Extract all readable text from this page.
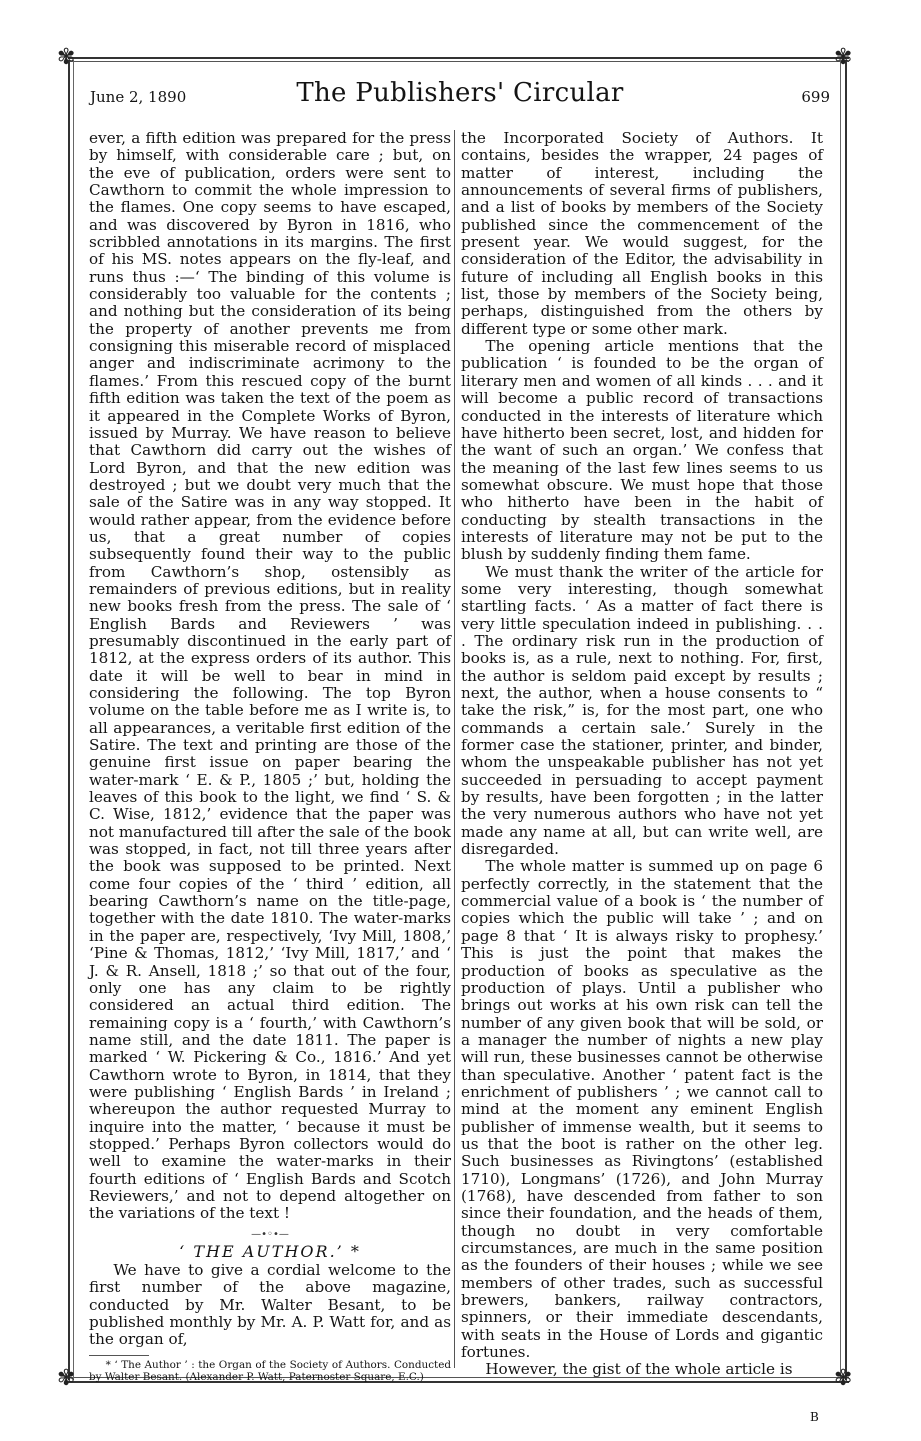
✾	✾
✾	✾
June 2, 1890	The Publishers' Circular	699

ever, a fifth edition was prepared for the press by himself, with considerable care ; but, on the eve of publication, orders were sent to Cawthorn to commit the whole impression to the flames. One copy seems to have escaped, and was discovered by Byron in 1816, who scribbled annotations in its margins. The first of his MS. notes appears on the fly-leaf, and runs thus :—‘ The binding of this volume is considerably too valuable for the contents ; and nothing but the consideration of its being the property of another prevents me from consigning this miserable record of misplaced anger and indiscriminate acrimony to the flames.’ From this rescued copy of the burnt fifth edition was taken the text of the poem as it appeared in the Complete Works of Byron, issued by Murray. We have reason to believe that Cawthorn did carry out the wishes of Lord Byron, and that the new edition was destroyed ; but we doubt very much that the sale of the Satire was in any way stopped. It would rather appear, from the evidence before us, that a great number of copies subsequently found their way to the public from Cawthorn’s shop, ostensibly as remainders of previous editions, but in reality new books fresh from the press. The sale of ‘ English Bards and Reviewers ’ was presumably discontinued in the early part of 1812, at the express orders of its author. This date it will be well to bear in mind in considering the following. The top Byron volume on the table before me as I write is, to all appearances, a veritable first edition of the Satire. The text and printing are those of the genuine first issue on paper bearing the water-mark ‘ E. & P., 1805 ;’ but, holding the leaves of this book to the light, we find ‘ S. & C. Wise, 1812,’ evidence that the paper was not manufactured till after the sale of the book was stopped, in fact, not till three years after the book was supposed to be printed. Next come four copies of the ‘ third ’ edition, all bearing Cawthorn’s name on the title-page, together with the date 1810. The water-marks in the paper are, respectively, ‘Ivy Mill, 1808,’ ‘Pine & Thomas, 1812,’ ‘Ivy Mill, 1817,’ and ‘ J. & R. Ansell, 1818 ;’ so that out of the four, only one has any claim to be rightly considered an actual third edition. The remaining copy is a ‘ fourth,’ with Cawthorn’s name still, and the date 1811. The paper is marked ‘ W. Pickering & Co., 1816.’ And yet Cawthorn wrote to Byron, in 1814, that they were publishing ‘ English Bards ’ in Ireland ; whereupon the author requested Murray to inquire into the matter, ‘ because it must be stopped.’ Perhaps Byron collectors would do well to examine the water-marks in their fourth editions of ‘ English Bards and Scotch Reviewers,’ and not to depend altogether on the variations of the text !

—•◦•—
‘ THE AUTHOR.’ *

We have to give a cordial welcome to the first number of the above magazine, conducted by Mr. Walter Besant, to be published monthly by Mr. A. P. Watt for, and as the organ of,

* ‘ The Author ’ : the Organ of the Society of Authors. Conducted by Walter Besant. (Alexander P. Watt, Paternoster Square, E.C.)

the Incorporated Society of Authors. It contains, besides the wrapper, 24 pages of matter of interest, including the announcements of several firms of publishers, and a list of books by members of the Society published since the commencement of the present year. We would suggest, for the consideration of the Editor, the advisability in future of including all English books in this list, those by members of the Society being, perhaps, distinguished from the others by different type or some other mark.

The opening article mentions that the publication ‘ is founded to be the organ of literary men and women of all kinds . . . and it will become a public record of transactions conducted in the interests of literature which have hitherto been secret, lost, and hidden for the want of such an organ.’ We confess that the meaning of the last few lines seems to us somewhat obscure. We must hope that those who hitherto have been in the habit of conducting by stealth transactions in the interests of literature may not be put to the blush by suddenly finding them fame.

We must thank the writer of the article for some very interesting, though somewhat startling facts. ‘ As a matter of fact there is very little speculation indeed in publishing. . . . The ordinary risk run in the production of books is, as a rule, next to nothing. For, first, the author is seldom paid except by results ; next, the author, when a house consents to “ take the risk,” is, for the most part, one who commands a certain sale.’ Surely in the former case the stationer, printer, and binder, whom the unspeakable publisher has not yet succeeded in persuading to accept payment by results, have been forgotten ; in the latter the very numerous authors who have not yet made any name at all, but can write well, are disregarded.

The whole matter is summed up on page 6 perfectly correctly, in the statement that the commercial value of a book is ‘ the number of copies which the public will take ’ ; and on page 8 that ‘ It is always risky to prophesy.’ This is just the point that makes the production of books as speculative as the production of plays. Until a publisher who brings out works at his own risk can tell the number of any given book that will be sold, or a manager the number of nights a new play will run, these businesses cannot be otherwise than speculative. Another ‘ patent fact is the enrichment of publishers ’ ; we cannot call to mind at the moment any eminent English publisher of immense wealth, but it seems to us that the boot is rather on the other leg. Such businesses as Rivingtons’ (established 1710), Longmans’ (1726), and John Murray (1768), have descended from father to son since their foundation, and the heads of them, though no doubt in very comfortable circumstances, are much in the same position as the founders of their houses ; while we see members of other trades, such as successful brewers, bankers, railway contractors, spinners, or their immediate descendants, with seats in the House of Lords and gigantic fortunes.

However, the gist of the whole article is

B
